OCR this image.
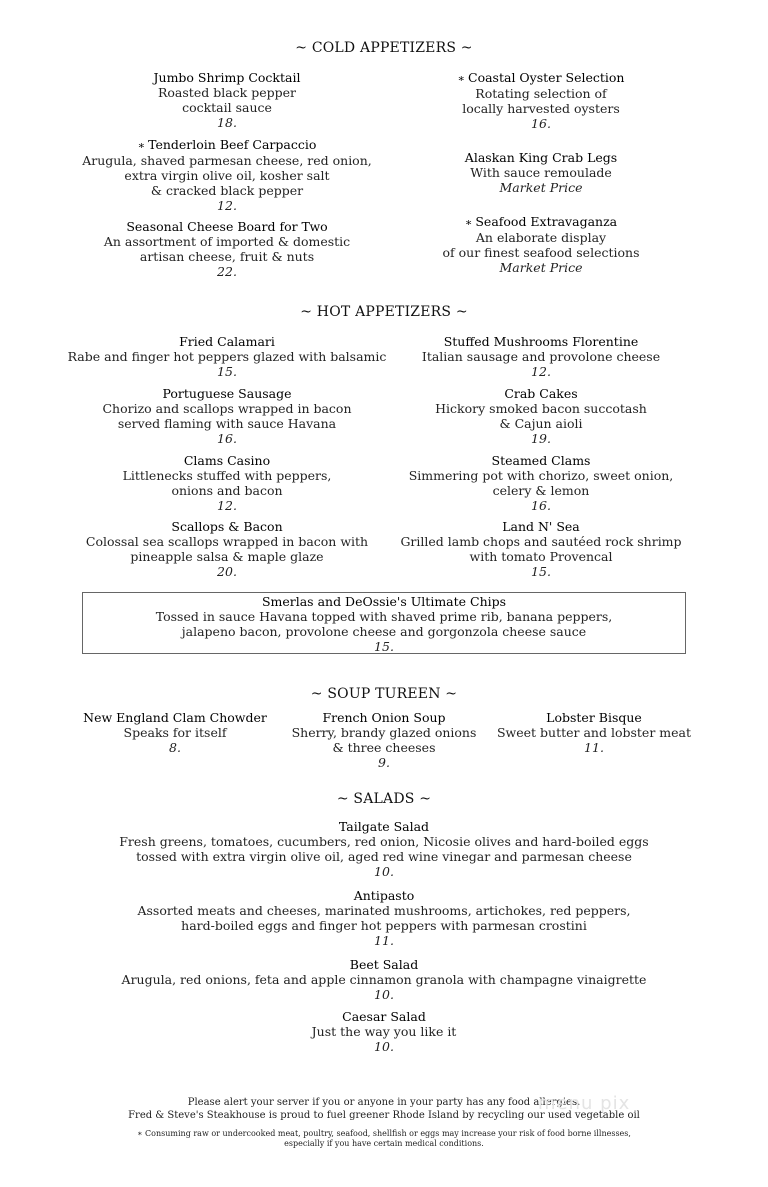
~ COLD APPETIZERS ~
Jumbo Shrimp Cocktail
Roasted black pepper
cocktail sauce
18.
∗ Tenderloin Beef Carpaccio
Arugula, shaved parmesan cheese, red onion,
extra virgin olive oil, kosher salt
& cracked black pepper
12.
Seasonal Cheese Board for Two
An assortment of imported & domestic
artisan cheese, fruit & nuts
22.
∗ Coastal Oyster Selection
Rotating selection of
locally harvested oysters
16.
Alaskan King Crab Legs
With sauce remoulade
Market Price
∗ Seafood Extravaganza
An elaborate display
of our finest seafood selections
Market Price
~ HOT APPETIZERS ~
Fried Calamari
Rabe and finger hot peppers glazed with balsamic
15.
Portuguese Sausage
Chorizo and scallops wrapped in bacon
served flaming with sauce Havana
16.
Clams Casino
Littlenecks stuffed with peppers,
onions and bacon
12.
Scallops & Bacon
Colossal sea scallops wrapped in bacon with
pineapple salsa & maple glaze
20.
Stuffed Mushrooms Florentine
Italian sausage and provolone cheese
12.
Crab Cakes
Hickory smoked bacon succotash
& Cajun aioli
19.
Steamed Clams
Simmering pot with chorizo, sweet onion,
celery & lemon
16.
Land N' Sea
Grilled lamb chops and sautéed rock shrimp
with tomato Provencal
15.
Smerlas and DeOssie's Ultimate Chips
Tossed in sauce Havana topped with shaved prime rib, banana peppers,
jalapeno bacon, provolone cheese and gorgonzola cheese sauce
15.
~ SOUP TUREEN ~
New England Clam Chowder
Speaks for itself
8.
French Onion Soup
Sherry, brandy glazed onions
& three cheeses
9.
Lobster Bisque
Sweet butter and lobster meat
11.
~ SALADS ~
Tailgate Salad
Fresh greens, tomatoes, cucumbers, red onion, Nicosie olives and hard-boiled eggs
tossed with extra virgin olive oil, aged red wine vinegar and parmesan cheese
10.
Antipasto
Assorted meats and cheeses, marinated mushrooms, artichokes, red peppers,
hard-boiled eggs and finger hot peppers with parmesan crostini
11.
Beet Salad
Arugula, red onions, feta and apple cinnamon granola with champagne vinaigrette
10.
Caesar Salad
Just the way you like it
10.
Please alert your server if you or anyone in your party has any food allergies.
Fred & Steve's Steakhouse is proud to fuel greener Rhode Island by recycling our used vegetable oil
∗ Consuming raw or undercooked meat, poultry, seafood, shellfish or eggs may increase your risk of food borne illnesses,
especially if you have certain medical conditions.
menu pix
